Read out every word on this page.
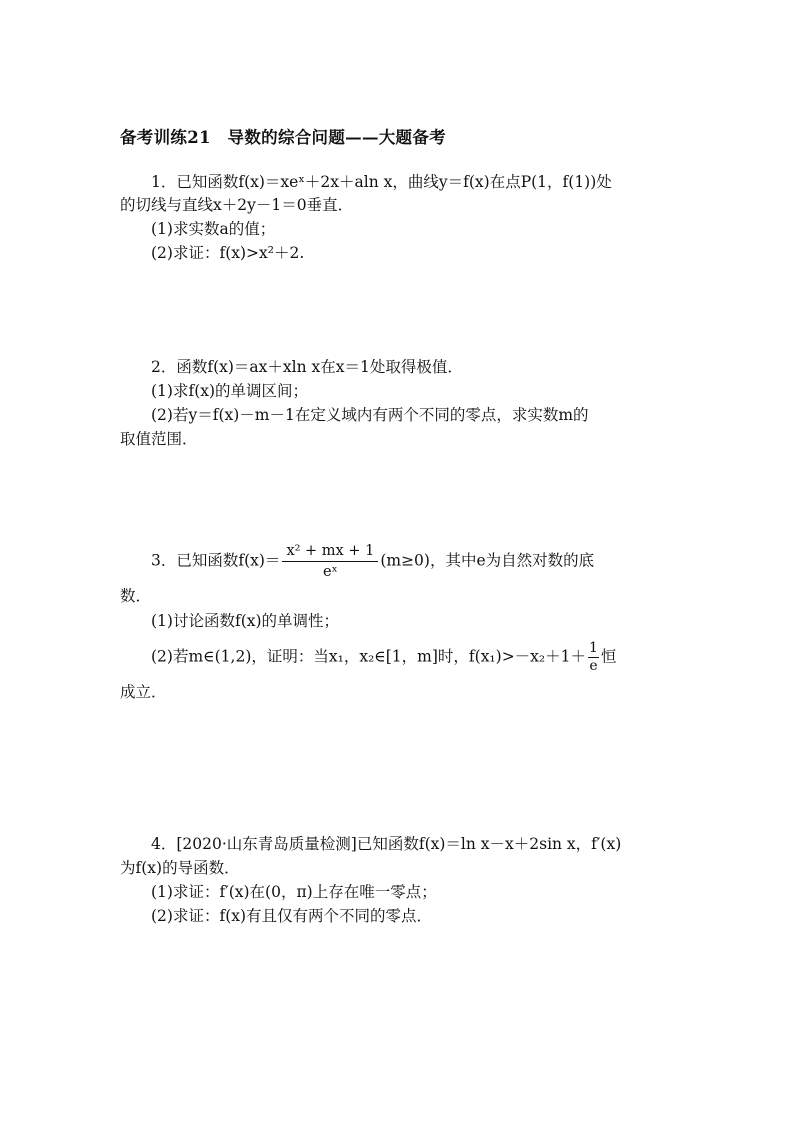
备考训练21　导数的综合问题——大题备考
1．已知函数f(x)＝xeˣ＋2x＋aln x，曲线y＝f(x)在点P(1，f(1))处
的切线与直线x＋2y－1＝0垂直．
(1)求实数a的值；
(2)求证：f(x)>x²＋2.
2．函数f(x)＝ax＋xln x在x＝1处取得极值．
(1)求f(x)的单调区间；
(2)若y＝f(x)－m－1在定义域内有两个不同的零点，求实数m的
取值范围．
3．已知函数$f(x)= \frac{\text{x² + mx + 1}}{\text{eˣ}} (m\ge 0)$，其中e为自然对数的底
数．
(1)讨论函数f(x)的单调性；
(2)若m∈(1,2)，证明：当x₁，x₂∈[1，m]时，$f(x_1)>-x_2+1+ \frac{1}{e}$ 恒
成立．
4．[2020·山东青岛质量检测]已知函数f(x)＝ln x－x＋2sin x，f′(x)
为f(x)的导函数．
(1)求证：f′(x)在(0，π)上存在唯一零点；
(2)求证：f(x)有且仅有两个不同的零点．
